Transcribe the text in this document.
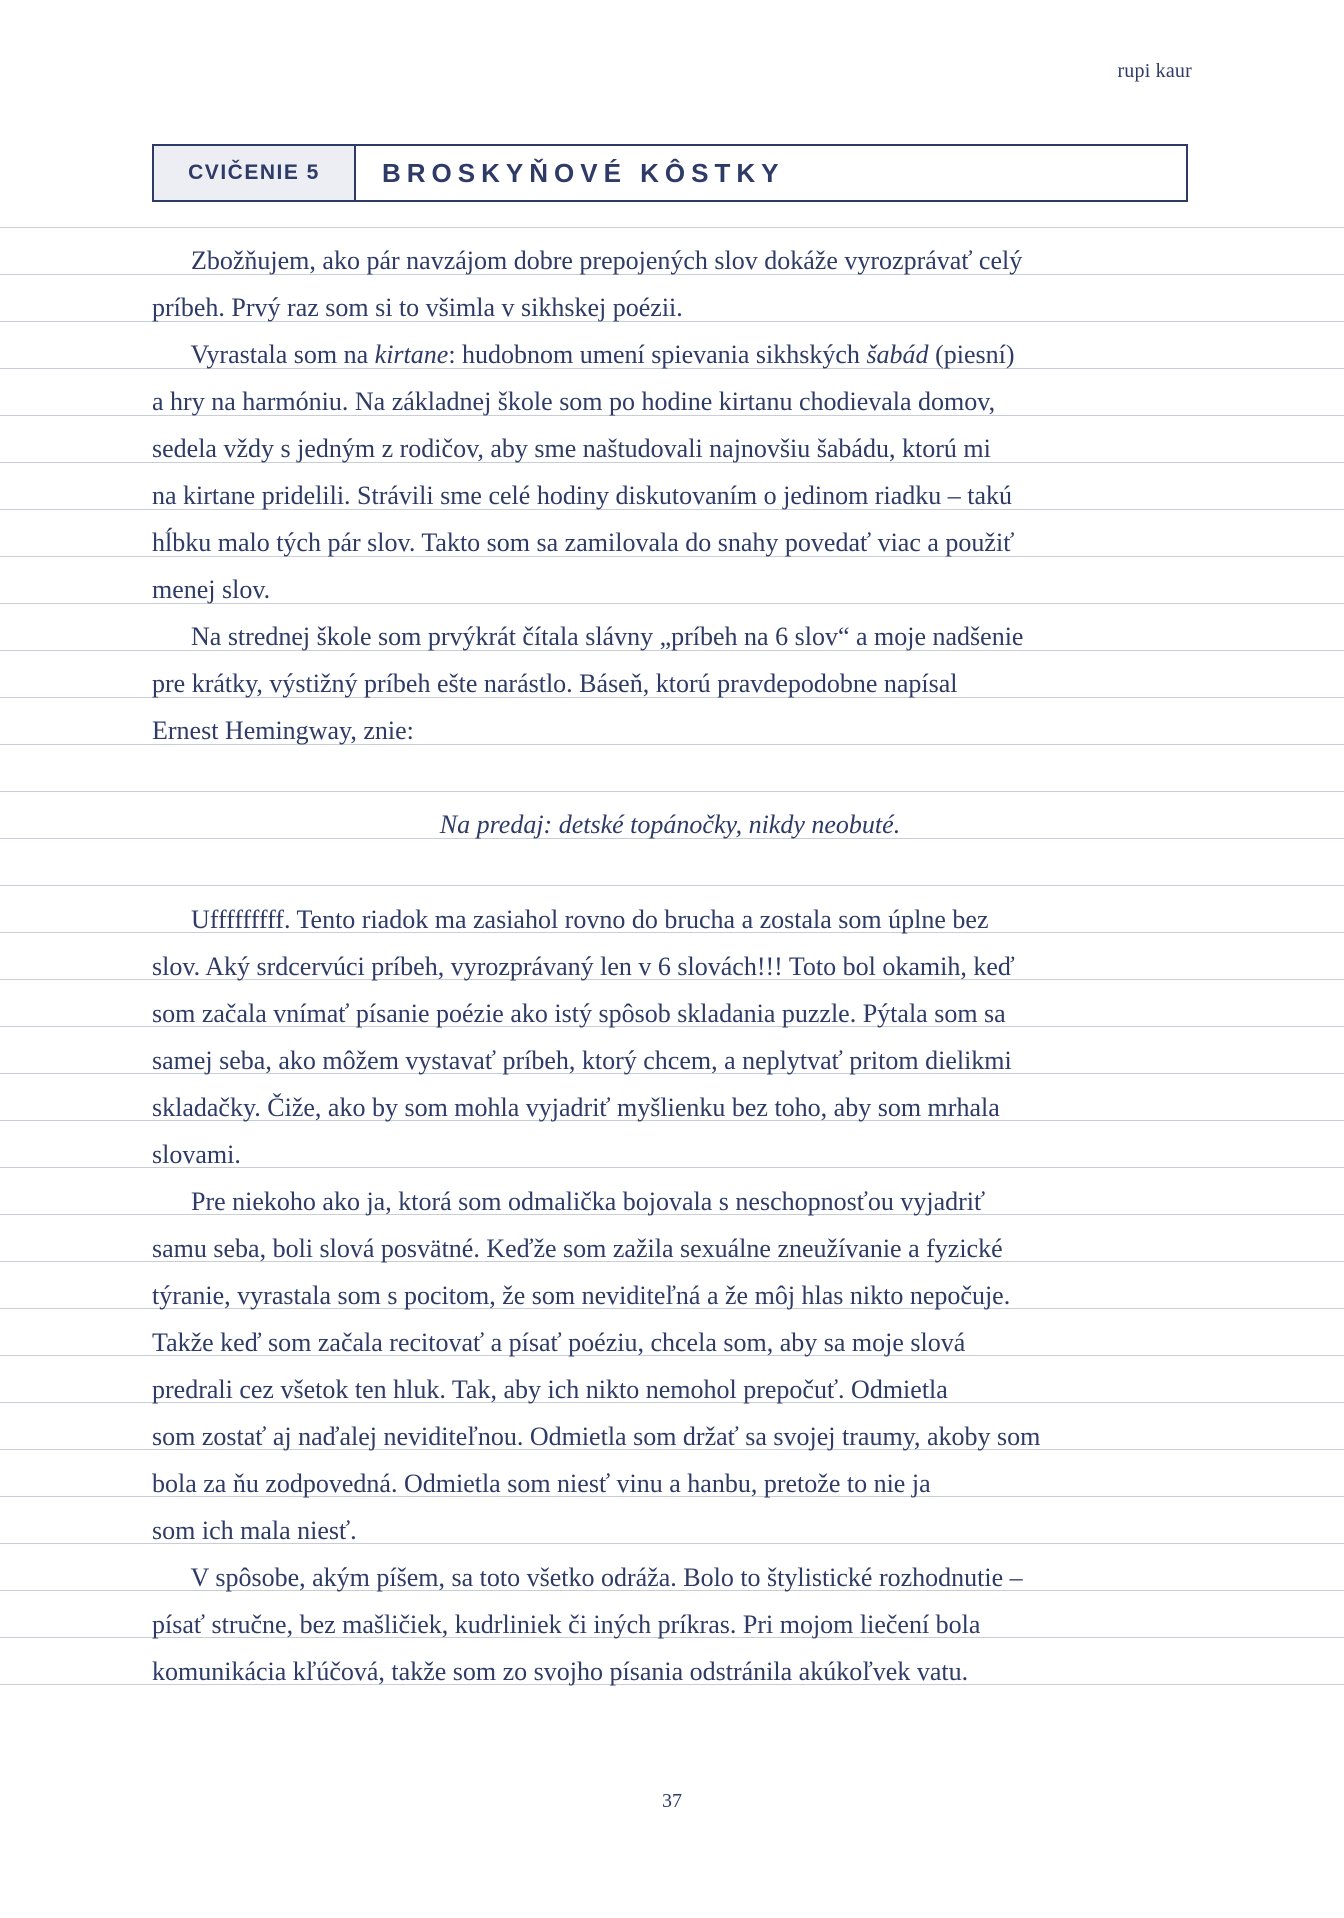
rupi kaur
CVIČENIE 5	BROSKYŇOVÉ KÔSTKY
Zbožňujem, ako pár navzájom dobre prepojených slov dokáže vyrozprávať celý
príbeh. Prvý raz som si to všimla v sikhskej poézii.
Vyrastala som na kirtane: hudobnom umení spievania sikhských šabád (piesní)
a hry na harmóniu. Na základnej škole som po hodine kirtanu chodievala domov,
sedela vždy s jedným z rodičov, aby sme naštudovali najnovšiu šabádu, ktorú mi
na kirtane pridelili. Strávili sme celé hodiny diskutovaním o jedinom riadku – takú
hĺbku malo tých pár slov. Takto som sa zamilovala do snahy povedať viac a použiť
menej slov.
Na strednej škole som prvýkrát čítala slávny „príbeh na 6 slov“ a moje nadšenie
pre krátky, výstižný príbeh ešte narástlo. Báseň, ktorú pravdepodobne napísal
Ernest Hemingway, znie:
Na predaj: detské topánočky, nikdy neobuté.
Ufffffffff. Tento riadok ma zasiahol rovno do brucha a zostala som úplne bez
slov. Aký srdcervúci príbeh, vyrozprávaný len v 6 slovách!!! Toto bol okamih, keď
som začala vnímať písanie poézie ako istý spôsob skladania puzzle. Pýtala som sa
samej seba, ako môžem vystavať príbeh, ktorý chcem, a neplytvať pritom dielikmi
skladačky. Čiže, ako by som mohla vyjadriť myšlienku bez toho, aby som mrhala
slovami.
Pre niekoho ako ja, ktorá som odmalička bojovala s neschopnosťou vyjadriť
samu seba, boli slová posvätné. Keďže som zažila sexuálne zneužívanie a fyzické
týranie, vyrastala som s pocitom, že som neviditeľná a že môj hlas nikto nepočuje.
Takže keď som začala recitovať a písať poéziu, chcela som, aby sa moje slová
predrali cez všetok ten hluk. Tak, aby ich nikto nemohol prepočuť. Odmietla
som zostať aj naďalej neviditeľnou. Odmietla som držať sa svojej traumy, akoby som
bola za ňu zodpovedná. Odmietla som niesť vinu a hanbu, pretože to nie ja
som ich mala niesť.
V spôsobe, akým píšem, sa toto všetko odráža. Bolo to štylistické rozhodnutie –
písať stručne, bez mašličiek, kudrliniek či iných príkras. Pri mojom liečení bola
komunikácia kľúčová, takže som zo svojho písania odstránila akúkoľvek vatu.
37
